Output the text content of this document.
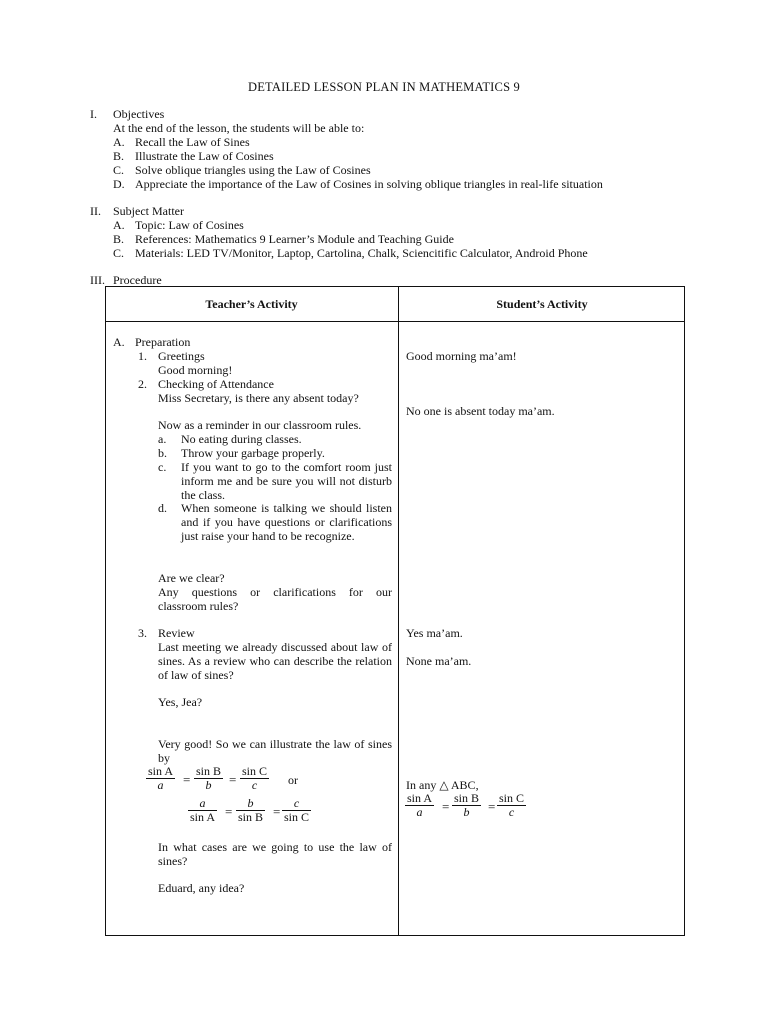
DETAILED LESSON PLAN IN MATHEMATICS 9
I. Objectives
At the end of the lesson, the students will be able to:
A. Recall the Law of Sines
B. Illustrate the Law of Cosines
C. Solve oblique triangles using the Law of Cosines
D. Appreciate the importance of the Law of Cosines in solving oblique triangles in real-life situation
II. Subject Matter
A. Topic: Law of Cosines
B. References: Mathematics 9 Learner’s Module and Teaching Guide
C. Materials: LED TV/Monitor, Laptop, Cartolina, Chalk, Sciencitific Calculator, Android Phone
III. Procedure
Teacher’s Activity	Student’s Activity
A. Preparation
1. Greetings
Good morning!
2. Checking of Attendance
Miss Secretary, is there any absent today?
Now as a reminder in our classroom rules.
a. No eating during classes.
b. Throw your garbage properly.
c. If you want to go to the comfort room just inform me and be sure you will not disturb the class.
d. When someone is talking we should listen and if you have questions or clarifications just raise your hand to be recognize.
Are we clear?
Any questions or clarifications for our classroom rules?
3. Review
Last meeting we already discussed about law of sines. As a review who can describe the relation of law of sines?
Yes, Jea?
Very good! So we can illustrate the law of sines by
$\frac{\text{sin A}}{a} = \frac{\text{sin B}}{b} = \frac{\text{sin C}}{c}$ or
$\frac{a}{\text{sin A}} = \frac{b}{\text{sin B}} = \frac{c}{\text{sin C}}$
In what cases are we going to use the law of sines?
Eduard, any idea?
Good morning ma’am!
No one is absent today ma’am.
Yes ma’am.
None ma’am.
In any △ ABC,
$\frac{\text{sin A}}{a} = \frac{\text{sin B}}{b} = \frac{\text{sin C}}{c}$
